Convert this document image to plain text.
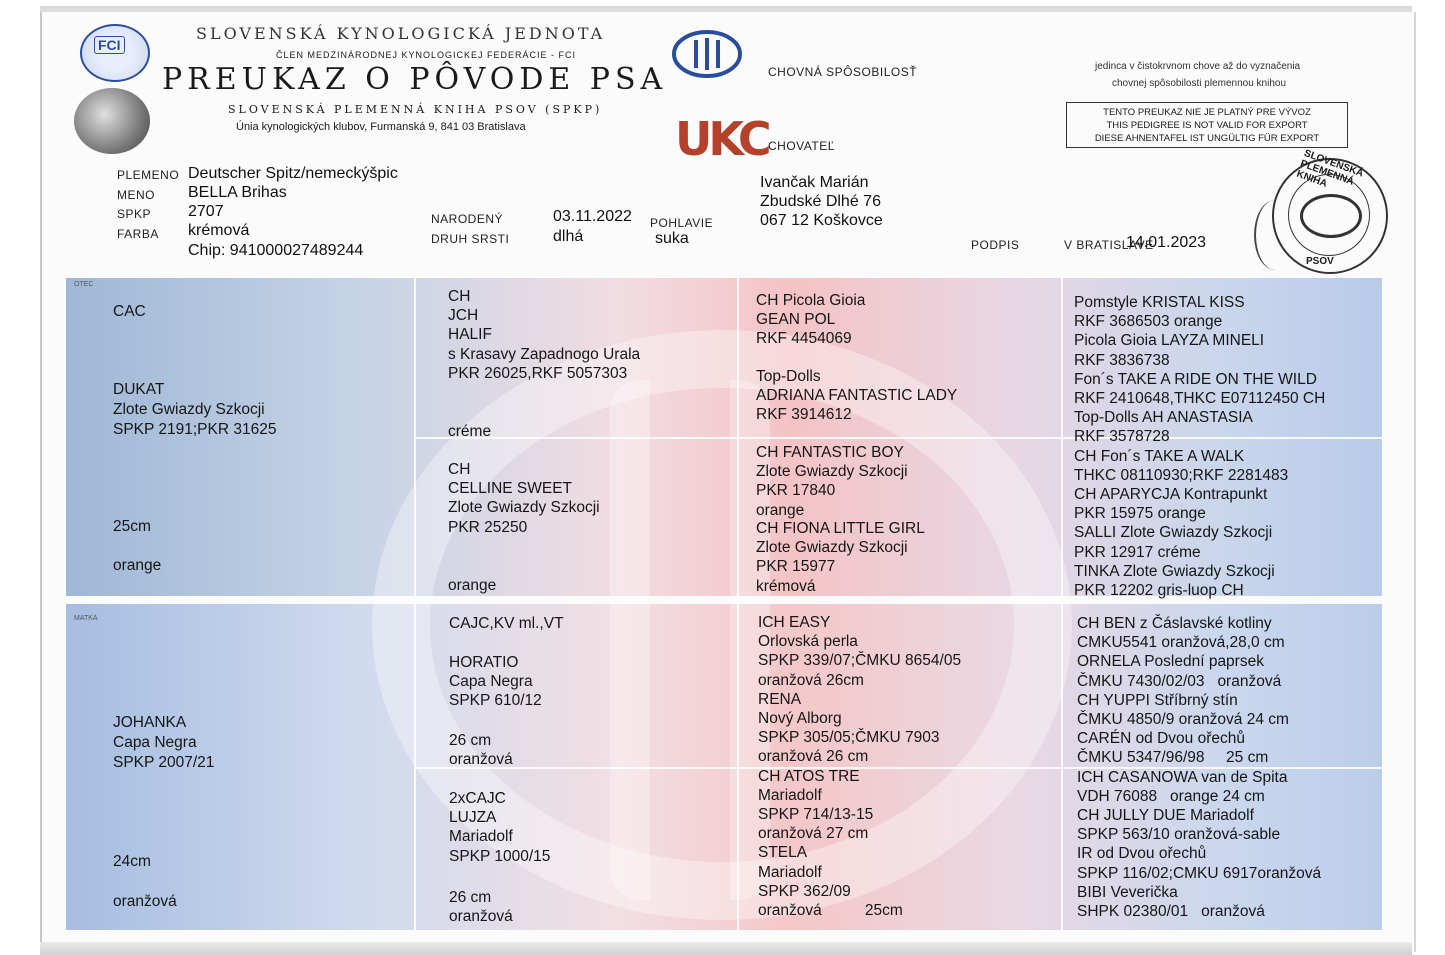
FCI
SLOVENSKÁ KYNOLOGICKÁ JEDNOTA
ČLEN MEDZINÁRODNEJ KYNOLOGICKEJ FEDERÁCIE - FCI
PREUKAZ O PÔVODE PSA
SLOVENSKÁ PLEMENNÁ KNIHA PSOV (SPKP)
Únia kynologických klubov, Furmanská 9, 841 03 Bratislava	UKC
CHOVNÁ SPÔSOBILOSŤ
CHOVATEĽ
jedinca v čistokrvnom chove až do vyznačenia
chovnej spôsobilosti plemennou knihou
TENTO PREUKAZ NIE JE PLATNÝ PRE VÝVOZ
THIS PEDIGREE IS NOT VALID FOR EXPORT
DIESE AHNENTAFEL IST UNGÜLTIG FÜR EXPORT
SLOVENSKÁ PLEMENNÁ KNIHA
PSOV
PLEMENO
MENO
SPKP
FARBA
Deutscher Spitz/nemeckýšpic
BELLA Brihas
2707
krémová
Chip: 941000027489244
NARODENÝ
DRUH SRSTI
03.11.2022
dlhá
POHLAVIE
suka
Ivančak Marián
Zbudské Dlhé 76
067 12 Koškovce
PODPIS	V BRATISLAVE
14.01.2023
OTEC
MATKA
CAC
DUKAT
Zlote Gwiazdy Szkocji
SPKP 2191;PKR 31625
25cm
orange
CH
JCH
HALIF
s Krasavy Zapadnogo Urala
PKR 26025,RKF 5057303
créme
CH
CELLINE SWEET
Zlote Gwiazdy Szkocji
PKR 25250
orange
CH Picola Gioia
GEAN POL
RKF 4454069
Top-Dolls
ADRIANA FANTASTIC LADY
RKF 3914612
CH FANTASTIC BOY
Zlote Gwiazdy Szkocji
PKR 17840
orange
CH FIONA LITTLE GIRL
Zlote Gwiazdy Szkocji
PKR 15977
krémová
Pomstyle KRISTAL KISS
RKF 3686503 orange
Picola Gioia LAYZA MINELI
RKF 3836738
Fon´s TAKE A RIDE ON THE WILD
RKF 2410648,THKC E07112450 CH
Top-Dolls AH ANASTASIA
RKF 3578728
CH Fon´s TAKE A WALK
THKC 08110930;RKF 2281483
CH APARYCJA Kontrapunkt
PKR 15975 orange
SALLI Zlote Gwiazdy Szkocji
PKR 12917 créme
TINKA Zlote Gwiazdy Szkocji
PKR 12202 gris-luop CH
JOHANKA
Capa Negra
SPKP 2007/21
24cm
oranžová
CAJC,KV ml.,VT
HORATIO
Capa Negra
SPKP 610/12
26 cm
oranžová
2xCAJC
LUJZA
Mariadolf
SPKP 1000/15
26 cm
oranžová
ICH EASY
Orlovská perla
SPKP 339/07;ČMKU 8654/05
oranžová 26cm
RENA
Nový Alborg
SPKP 305/05;ČMKU 7903
oranžová 26 cm
CH ATOS TRE
Mariadolf
SPKP 714/13-15
oranžová 27 cm
STELA
Mariadolf
SPKP 362/09
oranžová          25cm
CH BEN z Čáslavské kotliny
CMKU5541 oranžová,28,0 cm
ORNELA Poslední paprsek
ČMKU 7430/02/03   oranžová
CH YUPPI Stříbrný stín
ČMKU 4850/9 oranžová 24 cm
CARÉN od Dvou ořechů
ČMKU 5347/96/98     25 cm
ICH CASANOWA van de Spita
VDH 76088   orange 24 cm
CH JULLY DUE Mariadolf
SPKP 563/10 oranžová-sable
IR od Dvou ořechů
SPKP 116/02;CMKU 6917oranžová
BIBI Veverička
SHPK 02380/01   oranžová
